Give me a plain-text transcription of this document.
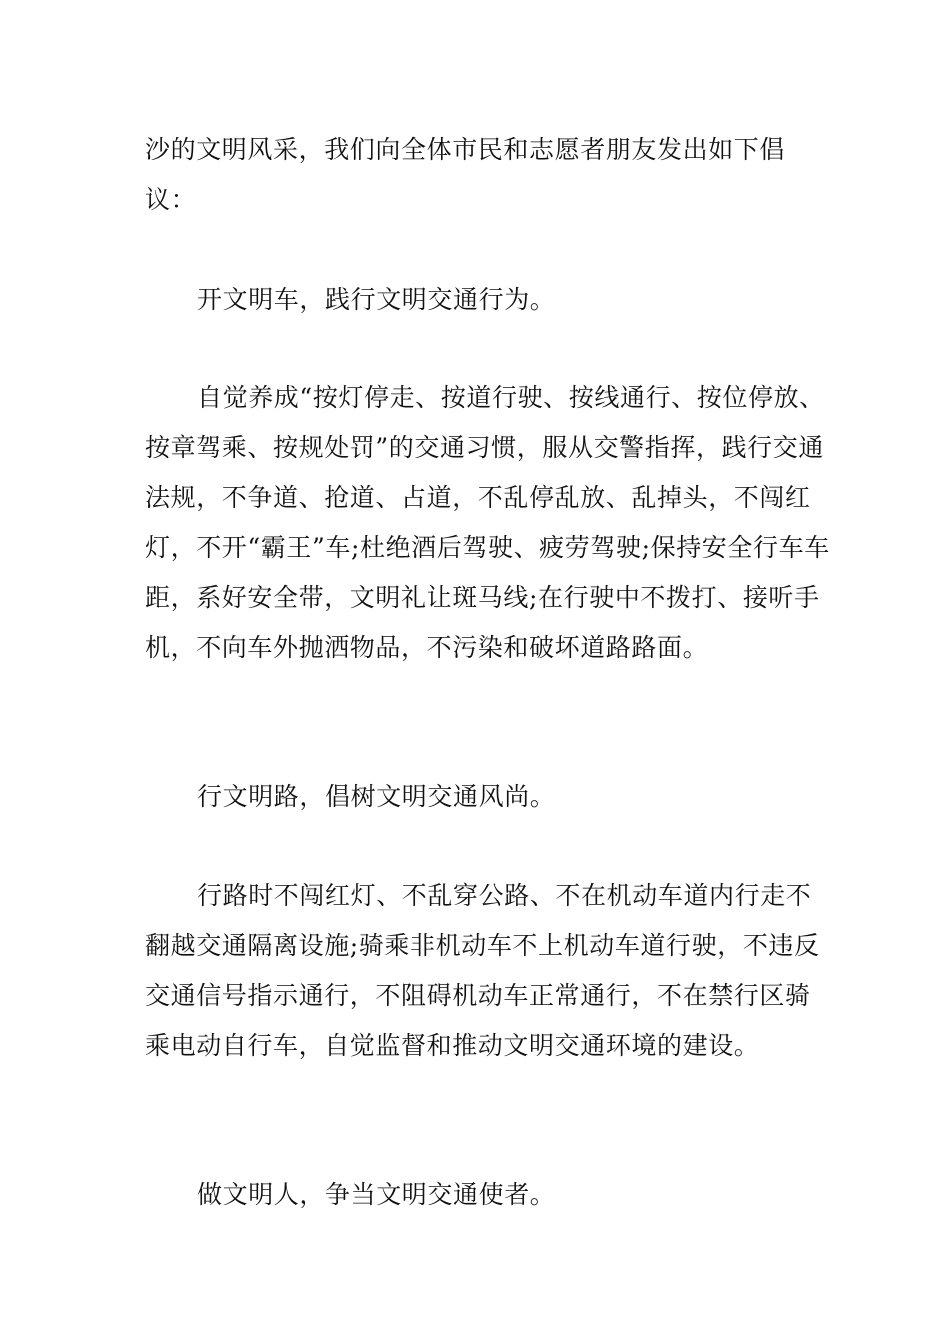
沙的文明风采，我们向全体市民和志愿者朋友发出如下倡议：

开文明车，践行文明交通行为。

自觉养成“按灯停走、按道行驶、按线通行、按位停放、按章驾乘、按规处罚”的交通习惯，服从交警指挥，践行交通法规，不争道、抢道、占道，不乱停乱放、乱掉头，不闯红灯，不开“霸王”车;杜绝酒后驾驶、疲劳驾驶;保持安全行车车距，系好安全带，文明礼让斑马线;在行驶中不拨打、接听手机，不向车外抛洒物品，不污染和破坏道路路面。

行文明路，倡树文明交通风尚。

行路时不闯红灯、不乱穿公路、不在机动车道内行走不翻越交通隔离设施;骑乘非机动车不上机动车道行驶，不违反交通信号指示通行，不阻碍机动车正常通行，不在禁行区骑乘电动自行车，自觉监督和推动文明交通环境的建设。

做文明人，争当文明交通使者。
